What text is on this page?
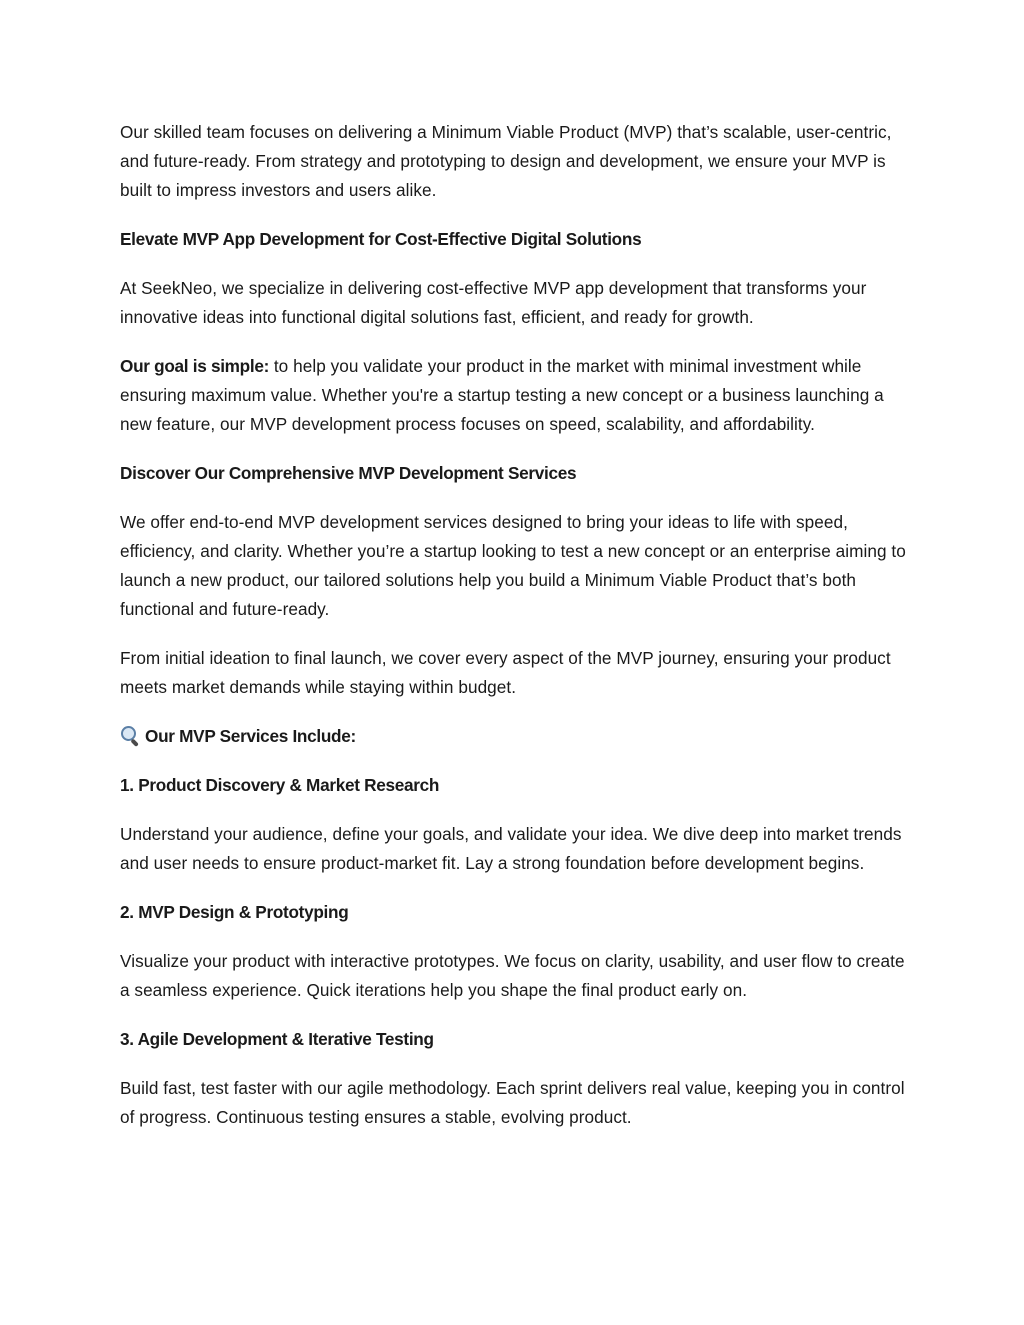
Our skilled team focuses on delivering a Minimum Viable Product (MVP) that’s scalable, user-centric, and future-ready. From strategy and prototyping to design and development, we ensure your MVP is built to impress investors and users alike.

Elevate MVP App Development for Cost-Effective Digital Solutions

At SeekNeo, we specialize in delivering cost-effective MVP app development that transforms your innovative ideas into functional digital solutions fast, efficient, and ready for growth.

Our goal is simple: to help you validate your product in the market with minimal investment while ensuring maximum value. Whether you're a startup testing a new concept or a business launching a new feature, our MVP development process focuses on speed, scalability, and affordability.

Discover Our Comprehensive MVP Development Services

We offer end-to-end MVP development services designed to bring your ideas to life with speed, efficiency, and clarity. Whether you’re a startup looking to test a new concept or an enterprise aiming to launch a new product, our tailored solutions help you build a Minimum Viable Product that’s both functional and future-ready.

From initial ideation to final launch, we cover every aspect of the MVP journey, ensuring your product meets market demands while staying within budget.

Our MVP Services Include:

1. Product Discovery & Market Research

Understand your audience, define your goals, and validate your idea. We dive deep into market trends and user needs to ensure product-market fit. Lay a strong foundation before development begins.

2. MVP Design & Prototyping

Visualize your product with interactive prototypes. We focus on clarity, usability, and user flow to create a seamless experience. Quick iterations help you shape the final product early on.

3. Agile Development & Iterative Testing

Build fast, test faster with our agile methodology. Each sprint delivers real value, keeping you in control of progress. Continuous testing ensures a stable, evolving product.
